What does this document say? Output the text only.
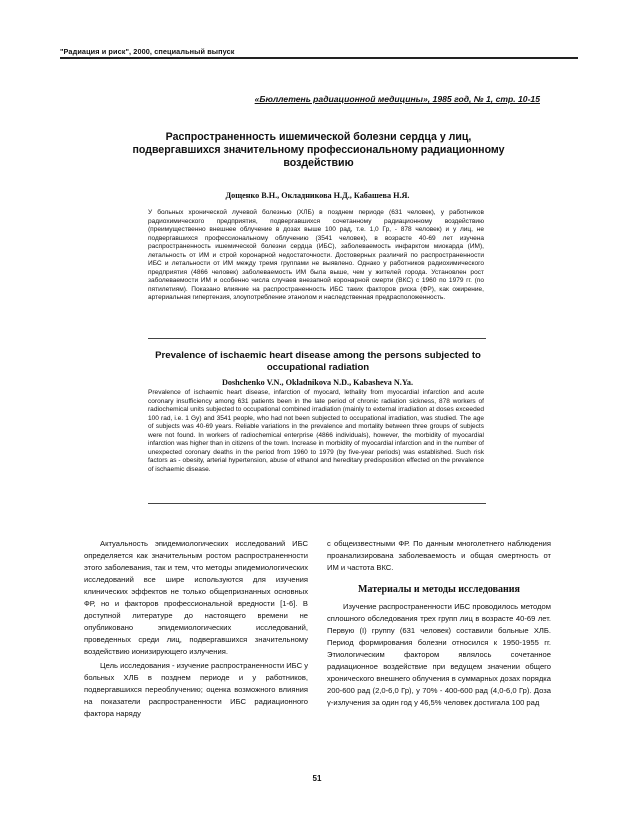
"Радиация и риск", 2000, специальный выпуск
«Бюллетень радиационной медицины», 1985 год, № 1, стр. 10-15
Распространенность ишемической болезни сердца у лиц, подвергавшихся значительному профессиональному радиационному воздействию
Дощенко В.Н., Окладникова Н.Д., Кабашева Н.Я.
У больных хронической лучевой болезнью (ХЛБ) в позднем периоде (631 человек), у работников радиохимического предприятия, подвергавшихся сочетанному радиационному воздействию (преимущественно внешнее облучение в дозах выше 100 рад, т.е. 1,0 Гр, - 878 человек) и у лиц, не подвергавшихся профессиональному облучению (3541 человек), в возрасте 40-69 лет изучена распространенность ишемической болезни сердца (ИБС), заболеваемость инфарктом миокарда (ИМ), летальность от ИМ и строй коронарной недостаточности. Достоверных различий по распространенности ИБС и летальности от ИМ между тремя группами не выявлено. Однако у работников радиохимического предприятия (4866 человек) заболеваемость ИМ была выше, чем у жителей города. Установлен рост заболеваемости ИМ и особенно числа случаев внезапной коронарной смерти (ВКС) с 1960 по 1979 гг. (по пятилетиям). Показано влияние на распространенность ИБС таких факторов риска (ФР), как ожирение, артериальная гипертензия, злоупотребление этанолом и наследственная предрасположенность.
Prevalence of ischaemic heart disease among the persons subjected to occupational radiation
Doshchenko V.N., Okladnikova N.D., Kabasheva N.Ya.
Prevalence of ischaemic heart disease, infarction of myocard, lethality from myocardial infarction and acute coronary insufficiency among 631 patients been in the late period of chronic radiation sickness, 878 workers of radiochemical units subjected to occupational combined irradiation (mainly to external irradiation at doses exceeded 100 rad, i.e. 1 Gy) and 3541 people, who had not been subjected to occupational irradiation, was studied. The age of subjects was 40-69 years. Reliable variations in the prevalence and mortality between three groups of subjects were not found. In workers of radiochemical enterprise (4866 individuals), however, the morbidity of myocardial infarction was higher than in citizens of the town. Increase in morbidity of myocardial infarction and in the number of unexpected coronary deaths in the period from 1960 to 1979 (by five-year periods) was established. Such risk factors as - obesity, arterial hypertension, abuse of ethanol and hereditary predisposition effected on the prevalence of ischaemic disease.

Актуальность эпидемиологических исследований ИБС определяется как значительным ростом распространенности этого заболевания, так и тем, что методы эпидемиологических исследований все шире используются для изучения клинических эффектов не только общепризнанных основных ФР, но и факторов профессиональной вредности [1-6]. В доступной литературе до настоящего времени не опубликовано эпидемиологических исследований, проведенных среди лиц, подвергавшихся значительному воздействию ионизирующего излучения.

Цель исследования - изучение распространенности ИБС у больных ХЛБ в позднем периоде и у работников, подвергавшихся переоблучению; оценка возможного влияния на показатели распространенности ИБС радиационного фактора наряду

с общеизвестными ФР. По данным многолетнего наблюдения проанализирована заболеваемость и общая смертность от ИМ и частота ВКС.

Материалы и методы исследования

Изучение распространенности ИБС проводилось методом сплошного обследования трех групп лиц в возрасте 40-69 лет. Первую (I) группу (631 человек) составили больные ХЛБ. Период формирования болезни относился к 1950-1955 гг. Этиологическим фактором являлось сочетанное радиационное воздействие при ведущем значении общего хронического внешнего облучения в суммарных дозах порядка 200-600 рад (2,0-6,0 Гр), у 70% - 400-600 рад (4,0-6,0 Гр). Доза γ-излучения за один год у 46,5% человек достигала 100 рад

51
